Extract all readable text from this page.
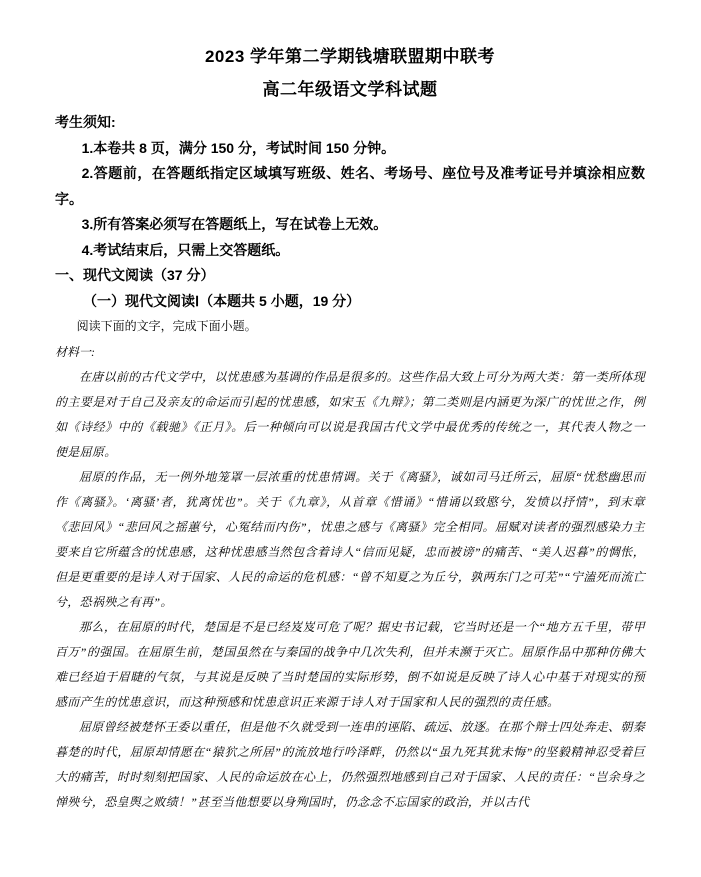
2023 学年第二学期钱塘联盟期中联考
高二年级语文学科试题

考生须知:

1.本卷共 8 页，满分 150 分，考试时间 150 分钟。

2.答题前，在答题纸指定区域填写班级、姓名、考场号、座位号及准考证号并填涂相应数字。

3.所有答案必须写在答题纸上，写在试卷上无效。

4.考试结束后，只需上交答题纸。

一、现代文阅读（37 分）

（一）现代文阅读Ⅰ（本题共 5 小题，19 分）

阅读下面的文字，完成下面小题。

材料一:

在唐以前的古代文学中，以忧患感为基调的作品是很多的。这些作品大致上可分为两大类：第一类所体现的主要是对于自己及亲友的命运而引起的忧患感，如宋玉《九辩》；第二类则是内涵更为深广的忧世之作，例如《诗经》中的《载驰》《正月》。后一种倾向可以说是我国古代文学中最优秀的传统之一，其代表人物之一便是屈原。

屈原的作品，无一例外地笼罩一层浓重的忧患情调。关于《离骚》，诚如司马迁所云，屈原“忧愁幽思而作《离骚》。‘离骚’者，犹离忧也”。关于《九章》，从首章《惜诵》“惜诵以致愍兮，发愤以抒情”，到末章《悲回风》“悲回风之摇蕙兮，心冤结而内伤”，忧患之感与《离骚》完全相同。屈赋对读者的强烈感染力主要来自它所蕴含的忧患感，这种忧患感当然包含着诗人“信而见疑，忠而被谤”的痛苦、“美人迟暮”的惆怅，但是更重要的是诗人对于国家、人民的命运的危机感：“曾不知夏之为丘兮，孰两东门之可芜”“宁溘死而流亡兮，恐祸殃之有再”。

那么，在屈原的时代，楚国是不是已经岌岌可危了呢？据史书记载，它当时还是一个“地方五千里，带甲百万”的强国。在屈原生前，楚国虽然在与秦国的战争中几次失利，但并未濒于灭亡。屈原作品中那种仿佛大难已经迫于眉睫的气氛，与其说是反映了当时楚国的实际形势，倒不如说是反映了诗人心中基于对现实的预感而产生的忧患意识，而这种预感和忧患意识正来源于诗人对于国家和人民的强烈的责任感。

屈原曾经被楚怀王委以重任，但是他不久就受到一连串的诬陷、疏远、放逐。在那个辩士四处奔走、朝秦暮楚的时代，屈原却情愿在“猿狖之所居”的流放地行吟泽畔，仍然以“虽九死其犹未悔”的坚毅精神忍受着巨大的痛苦，时时刻刻把国家、人民的命运放在心上，仍然强烈地感到自己对于国家、人民的责任：“岂余身之惮殃兮，恐皇舆之败绩！”甚至当他想要以身殉国时，仍念念不忘国家的政治，并以古代
